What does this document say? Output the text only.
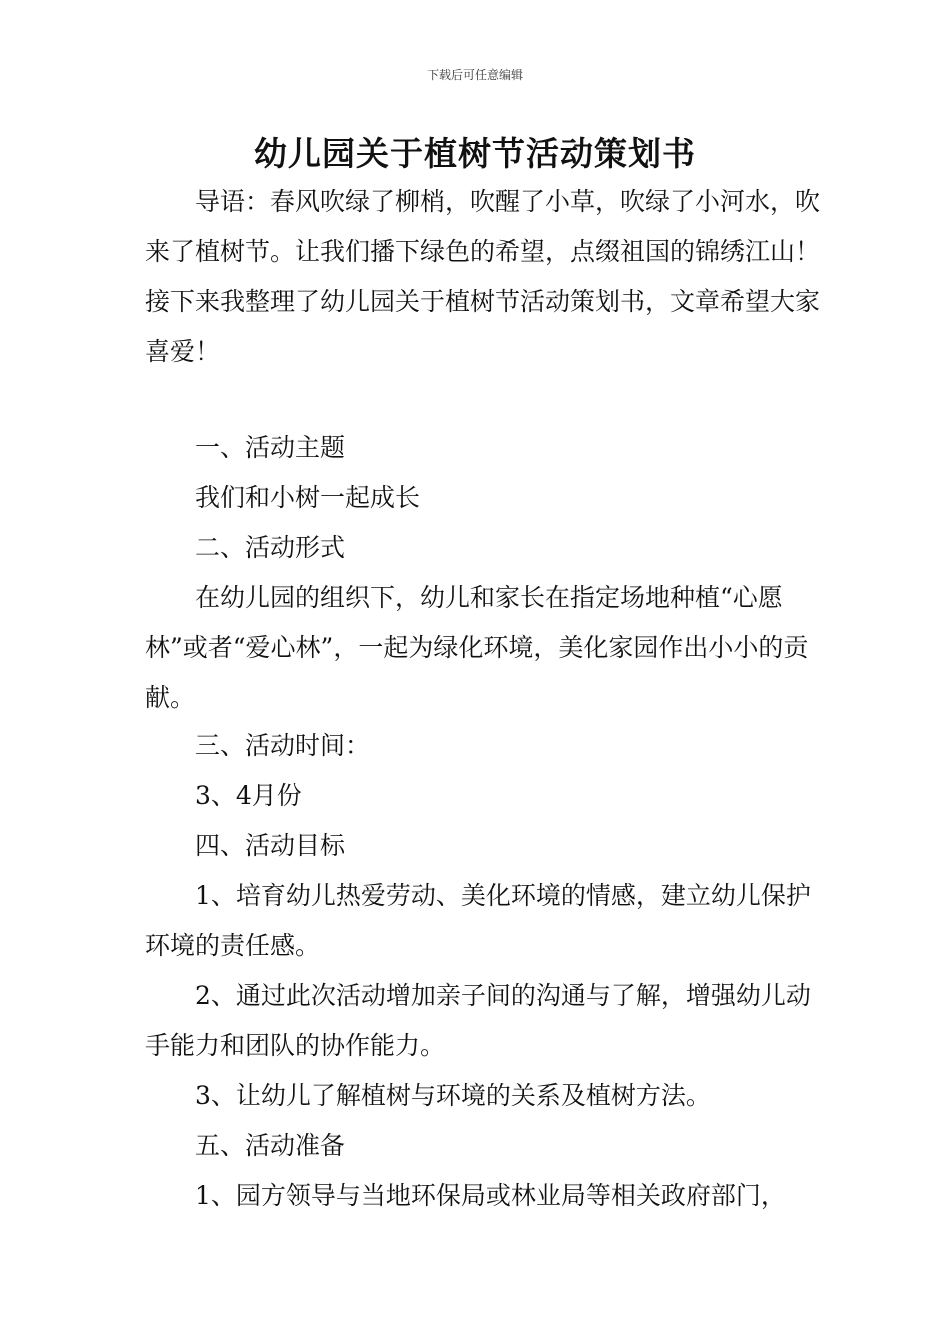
下载后可任意编辑
幼儿园关于植树节活动策划书

导语：春风吹绿了柳梢，吹醒了小草，吹绿了小河水，吹来了植树节。让我们播下绿色的希望，点缀祖国的锦绣江山！接下来我整理了幼儿园关于植树节活动策划书，文章希望大家喜爱！

一、活动主题

我们和小树一起成长

二、活动形式

在幼儿园的组织下，幼儿和家长在指定场地种植“心愿林”或者“爱心林”，一起为绿化环境，美化家园作出小小的贡献。

三、活动时间：

3、4月份

四、活动目标

1、培育幼儿热爱劳动、美化环境的情感，建立幼儿保护环境的责任感。

2、通过此次活动增加亲子间的沟通与了解，增强幼儿动手能力和团队的协作能力。

3、让幼儿了解植树与环境的关系及植树方法。

五、活动准备

1、园方领导与当地环保局或林业局等相关政府部门，
